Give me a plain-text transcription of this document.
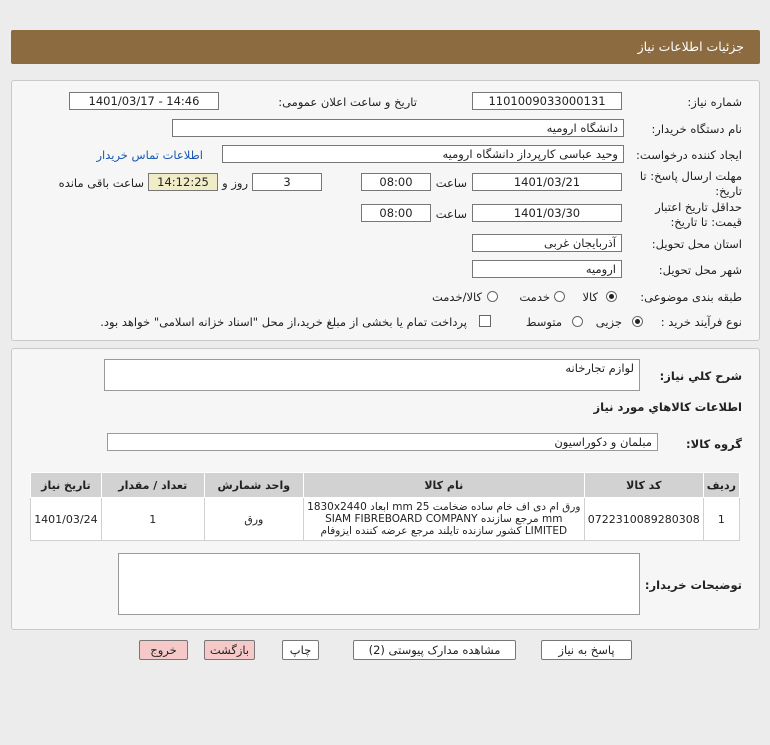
جزئیات اطلاعات نیاز
شماره نیاز:
1101009033000131
تاریخ و ساعت اعلان عمومی:
1401/03/17 - 14:46
نام دستگاه خریدار:
دانشگاه ارومیه
ایجاد کننده درخواست:
وحید عباسی کارپرداز دانشگاه ارومیه
اطلاعات تماس خریدار
مهلت ارسال پاسخ: تا
تاریخ:
1401/03/21
ساعت
08:00
3
روز و
14:12:25
ساعت باقی مانده
حداقل تاریخ اعتبار
قیمت: تا تاریخ:
1401/03/30
ساعت
08:00
استان محل تحویل:
آذربایجان غربی
شهر محل تحویل:
ارومیه
طبقه بندی موضوعی:
کالا
خدمت
کالا/خدمت
نوع فرآیند خرید :
جزیی
متوسط
پرداخت تمام یا بخشی از مبلغ خرید،از محل "اسناد خزانه اسلامی" خواهد بود.
شرح کلي نياز:
لوازم تجارخانه
اطلاعات کالاهاي مورد نياز
گروه کالا:
مبلمان و دکوراسیون
ردیف	کد کالا	نام کالا	واحد شمارش	تعداد / مقدار	تاریخ نیاز
1	0722310089280308	ورق ام دی اف خام ساده ضخامت 25 mm ابعاد 1830x2440 mm مرجع سازنده SIAM FIBREBOARD COMPANY LIMITED کشور سازنده تایلند مرجع عرضه کننده ایزوفام	ورق	1	1401/03/24
توضیحات خریدار:
پاسخ به نیاز
مشاهده مدارک پیوستی (2)
چاپ
بازگشت
خروج
